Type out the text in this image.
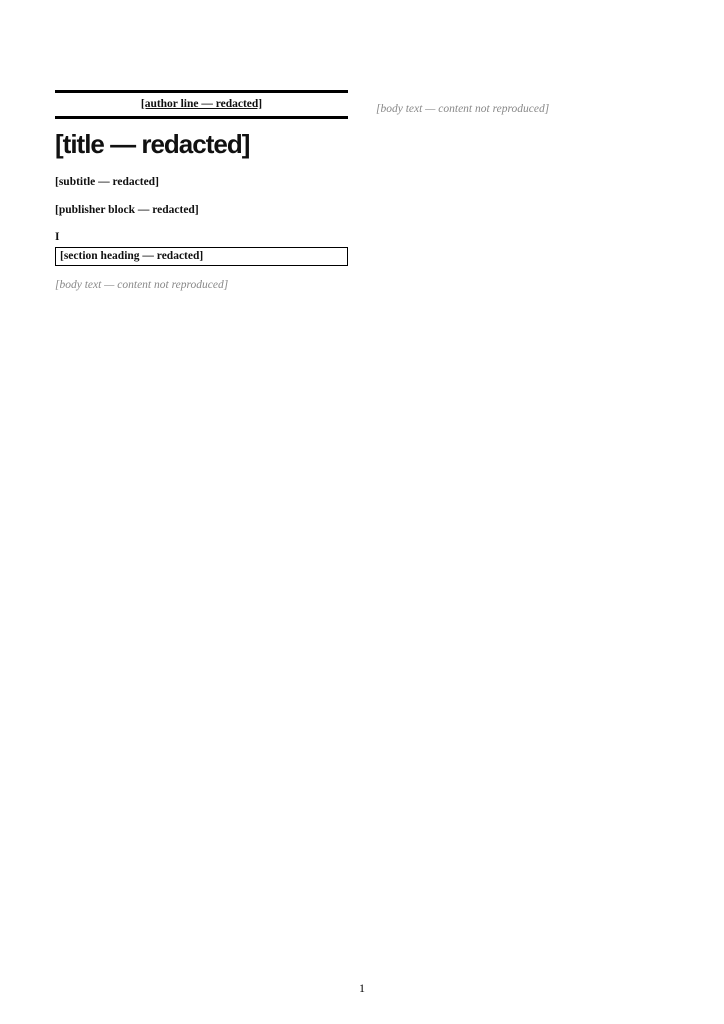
[author line — redacted]
[title — redacted]
[subtitle — redacted]
[publisher block — redacted]
I
[section heading — redacted]

[body text — content not reproduced]

[body text — content not reproduced]

1
